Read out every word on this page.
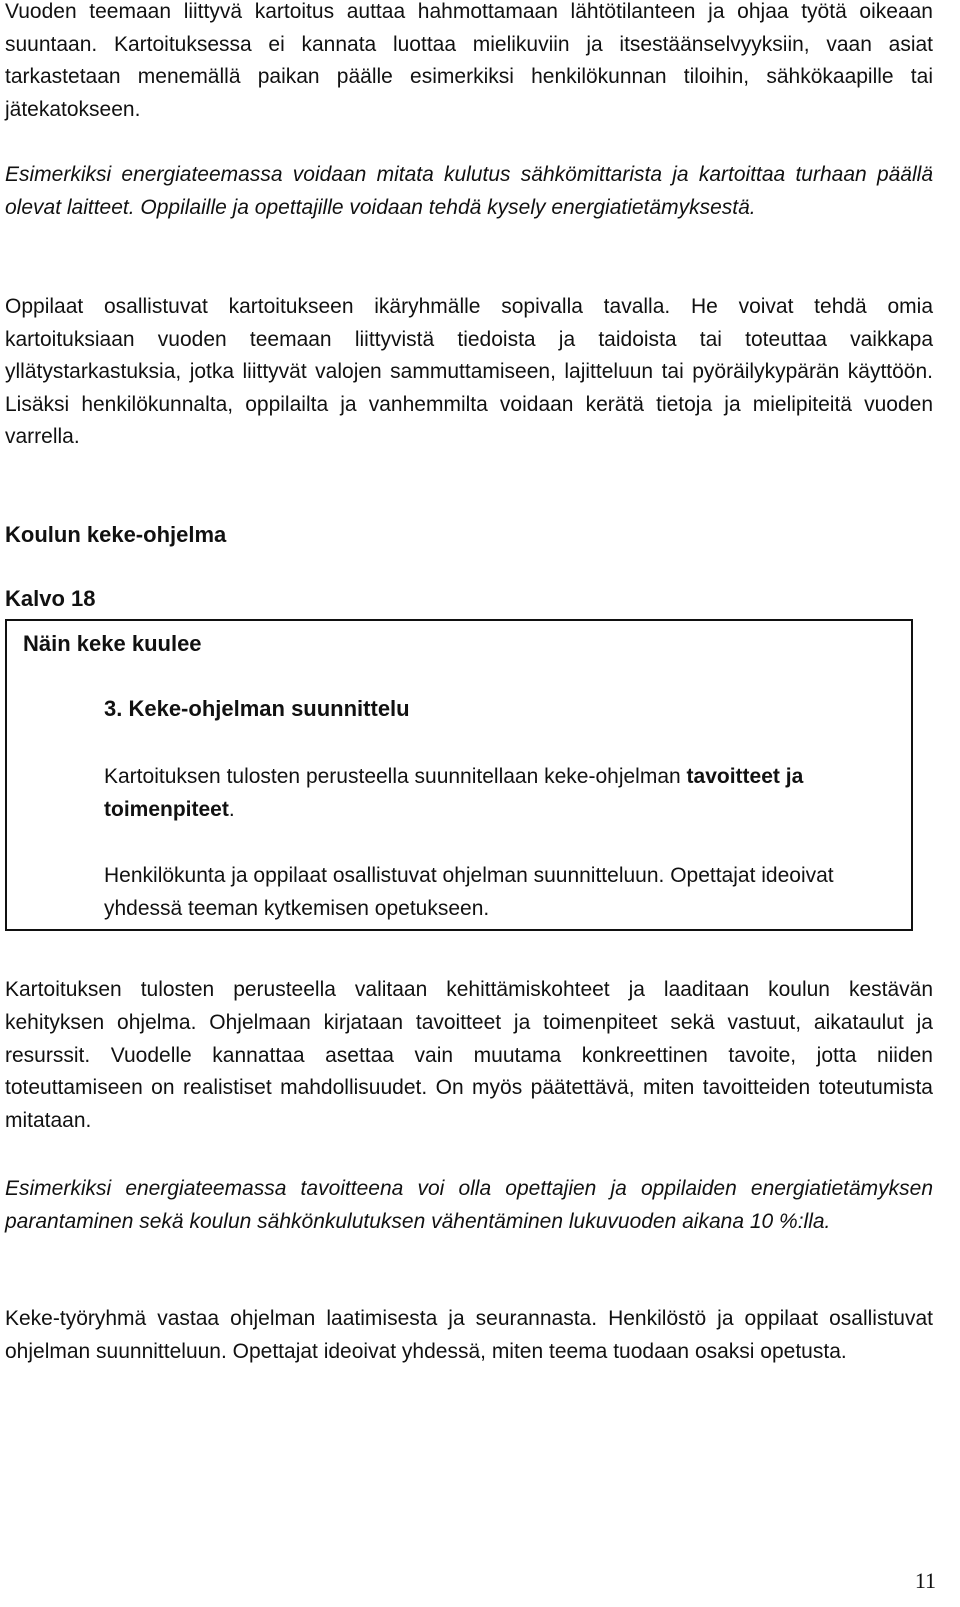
Vuoden teemaan liittyvä kartoitus auttaa hahmottamaan lähtötilanteen ja ohjaa työtä oikeaan suuntaan. Kartoituksessa ei kannata luottaa mielikuviin ja itsestäänselvyyksiin, vaan asiat tarkastetaan menemällä paikan päälle esimerkiksi henkilökunnan tiloihin, sähkökaapille tai jätekatokseen.

Esimerkiksi energiateemassa voidaan mitata kulutus sähkömittarista ja kartoittaa turhaan päällä olevat laitteet. Oppilaille ja opettajille voidaan tehdä kysely energiatietämyksestä.

Oppilaat osallistuvat kartoitukseen ikäryhmälle sopivalla tavalla. He voivat tehdä omia kartoituksiaan vuoden teemaan liittyvistä tiedoista ja taidoista tai toteuttaa vaikkapa yllätystarkastuksia, jotka liittyvät valojen sammuttamiseen, lajitteluun tai pyöräilykypärän käyttöön. Lisäksi henkilökunnalta, oppilailta ja vanhemmilta voidaan kerätä tietoja ja mielipiteitä vuoden varrella.

Koulun keke-ohjelma
Kalvo 18
Näin keke kuulee
3. Keke-ohjelman suunnittelu

Kartoituksen tulosten perusteella suunnitellaan keke-ohjelman tavoitteet ja toimenpiteet.

Henkilökunta ja oppilaat osallistuvat ohjelman suunnitteluun. Opettajat ideoivat yhdessä teeman kytkemisen opetukseen.

Kartoituksen tulosten perusteella valitaan kehittämiskohteet ja laaditaan koulun kestävän kehityksen ohjelma. Ohjelmaan kirjataan tavoitteet ja toimenpiteet sekä vastuut, aikataulut ja resurssit. Vuodelle kannattaa asettaa vain muutama konkreettinen tavoite, jotta niiden toteuttamiseen on realistiset mahdollisuudet. On myös päätettävä, miten tavoitteiden toteutumista mitataan.

Esimerkiksi energiateemassa tavoitteena voi olla opettajien ja oppilaiden energiatietämyksen parantaminen sekä koulun sähkönkulutuksen vähentäminen lukuvuoden aikana 10 %:lla.

Keke-työryhmä vastaa ohjelman laatimisesta ja seurannasta. Henkilöstö ja oppilaat osallistuvat ohjelman suunnitteluun. Opettajat ideoivat yhdessä, miten teema tuodaan osaksi opetusta.

11
